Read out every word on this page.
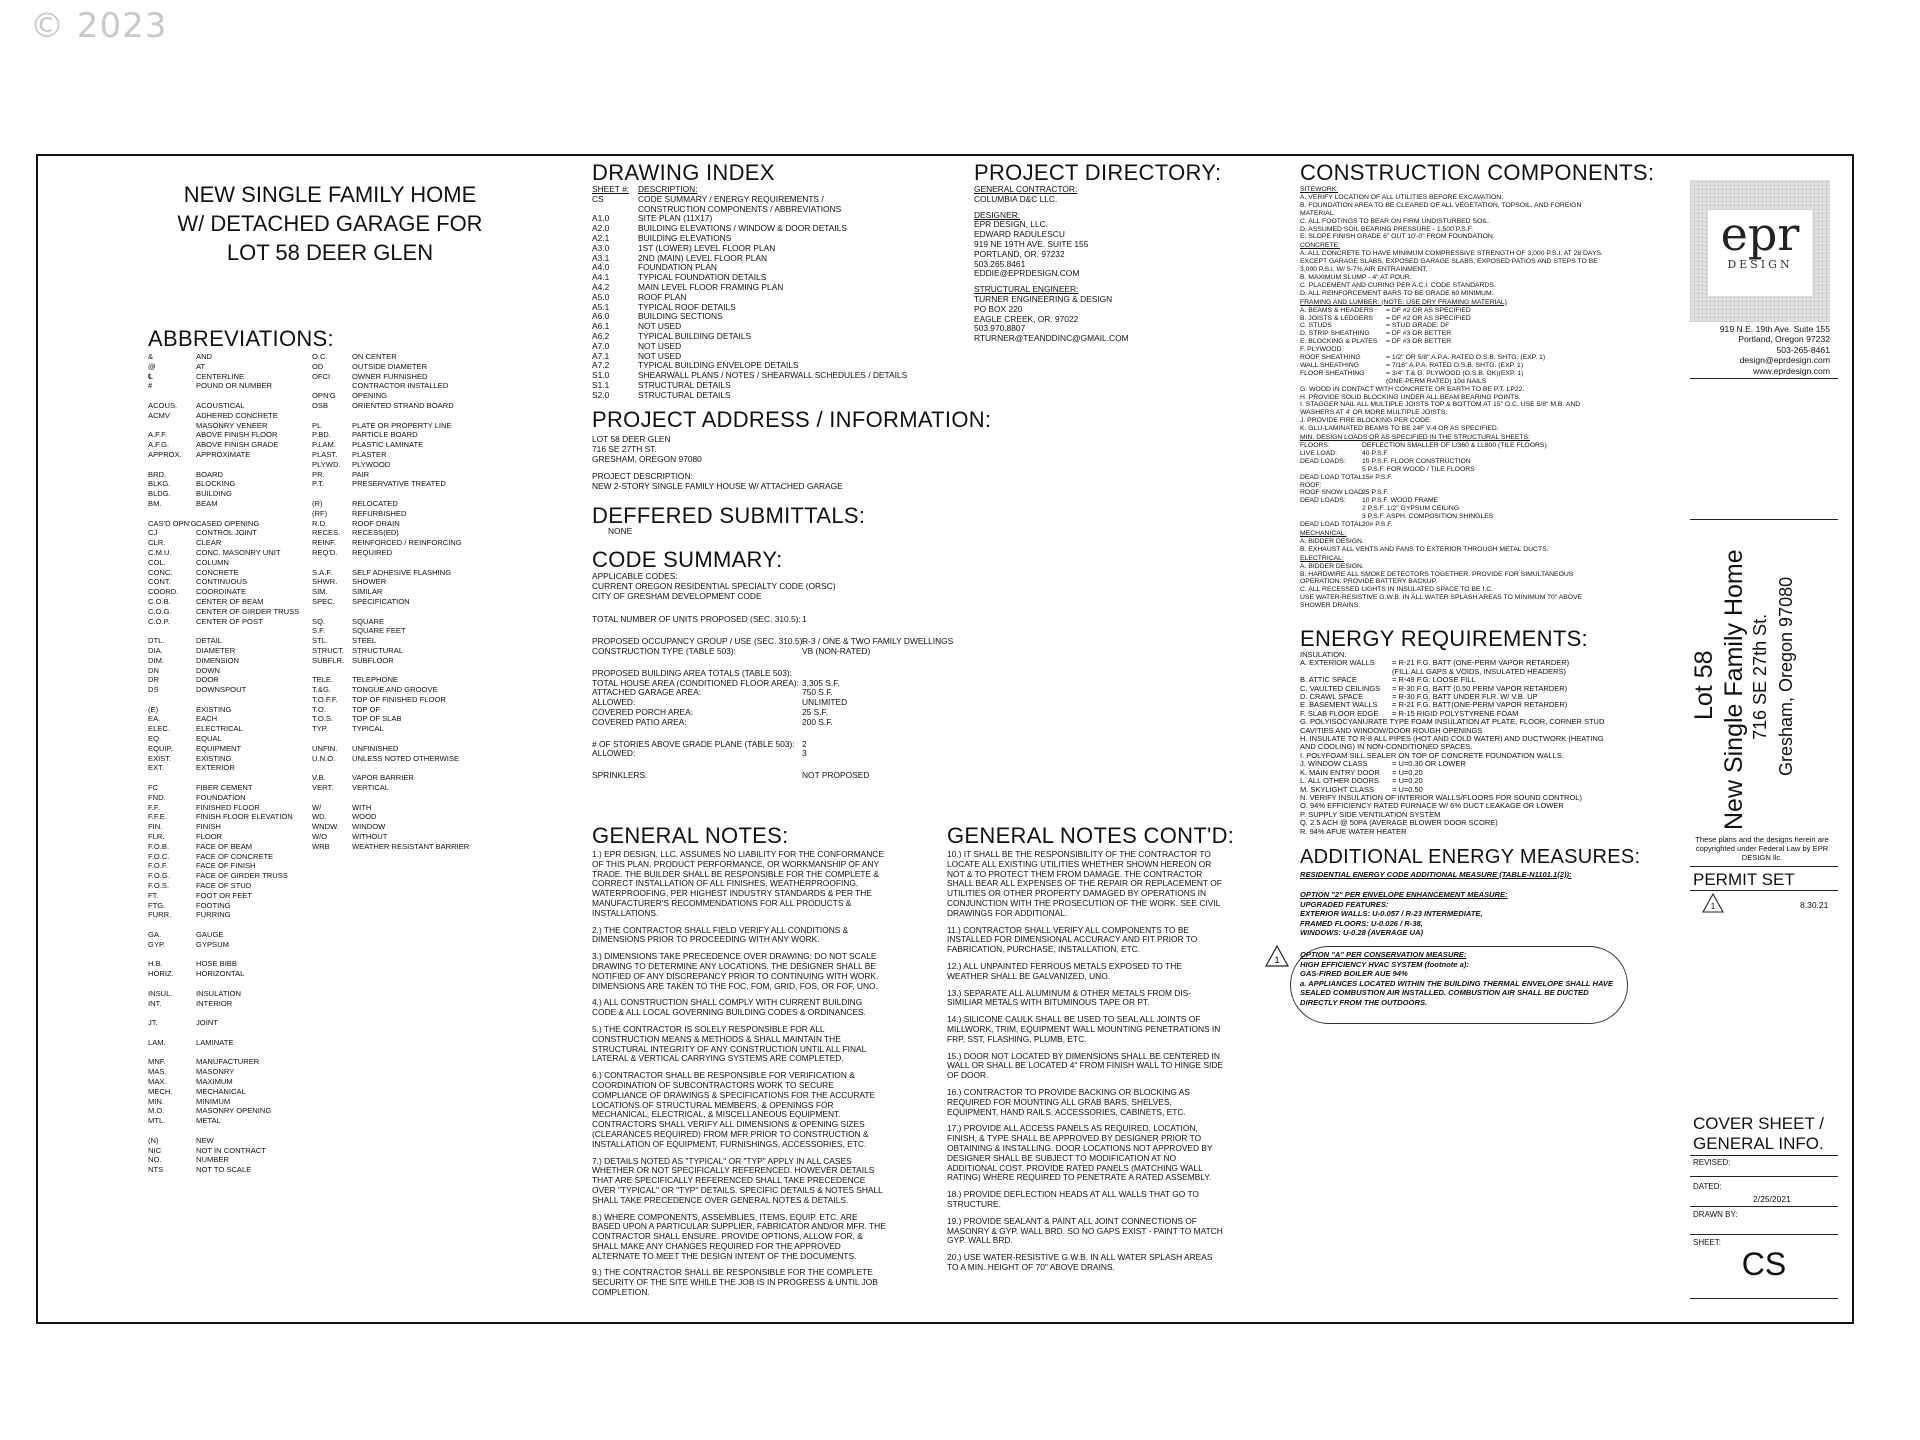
© 2023
NEW SINGLE FAMILY HOME
W/ DETACHED GARAGE FOR
LOT 58 DEER GLEN
ABBREVIATIONS:
&	AND
@	AT
℄	CENTERLINE
#	POUND OR NUMBER

ACOUS.	ACOUSTICAL
ACMV	ADHERED CONCRETE

MASONRY VENEER
A.F.F.	ABOVE FINISH FLOOR
A.F.G.	ABOVE FINISH GRADE
APPROX.	APPROXIMATE

BRD.	BOARD
BLKG.	BLOCKING
BLDG.	BUILDING
BM.	BEAM

CAS'D OPN'G CASED OPENING
CJ	CONTROL JOINT
CLR.	CLEAR
C.M.U.	CONC. MASONRY UNIT
COL.	COLUMN
CONC.	CONCRETE
CONT.	CONTINUOUS
COORD.	COORDINATE
C.O.B.	CENTER OF BEAM
C.O.G.	CENTER OF GIRDER TRUSS
C.O.P.	CENTER OF POST

DTL.	DETAIL
DIA.	DIAMETER
DIM.	DIMENSION
DN	DOWN
DR	DOOR
DS	DOWNSPOUT

(E)	EXISTING
EA.	EACH
ELEC.	ELECTRICAL
EQ.	EQUAL
EQUIP.	EQUIPMENT
EXIST.	EXISTING
EXT.	EXTERIOR

FC	FIBER CEMENT
FND.	FOUNDATION
F.F.	FINISHED FLOOR
F.F.E.	FINISH FLOOR ELEVATION
FIN.	FINISH
FLR.	FLOOR
F.O.B.	FACE OF BEAM
F.O.C.	FACE OF CONCRETE
F.O.F.	FACE OF FINISH
F.O.G.	FACE OF GIRDER TRUSS
F.O.S.	FACE OF STUD
FT.	FOOT OR FEET
FTG.	FOOTING
FURR.	FURRING

GA.	GAUGE
GYP.	GYPSUM

H.B.	HOSE BIBB
HORIZ.	HORIZONTAL

INSUL.	INSULATION
INT.	INTERIOR

JT.	JOINT

LAM.	LAMINATE

MNF.	MANUFACTURER
MAS.	MASONRY
MAX.	MAXIMUM
MECH.	MECHANICAL
MIN.	MINIMUM
M.O.	MASONRY OPENING
MTL.	METAL

(N)	NEW
NIC	NOT IN CONTRACT
NO.	NUMBER
NTS	NOT TO SCALE
O.C.	ON CENTER
OD	OUTSIDE DIAMETER
OFCI	OWNER FURNISHED

CONTRACTOR INSTALLED
OPN'G	OPENING
OSB	ORIENTED STRAND BOARD

PL	PLATE OR PROPERTY LINE
P.BD.	PARTICLE BOARD
P.LAM.	PLASTIC LAMINATE
PLAST.	PLASTER
PLYWD.	PLYWOOD
PR.	PAIR
P.T.	PRESERVATIVE TREATED

(R)	RELOCATED
(RF)	REFURBISHED
R.D.	ROOF DRAIN
RECES.	RECESS(ED)
REINF.	REINFORCED / REINFORCING
REQ'D.	REQUIRED

S.A.F.	SELF ADHESIVE FLASHING
SHWR.	SHOWER
SIM.	SIMILAR
SPEC.	SPECIFICATION

SQ.	SQUARE
S.F.	SQUARE FEET
STL.	STEEL
STRUCT.	STRUCTURAL
SUBFLR.	SUBFLOOR

TELE.	TELEPHONE
T.&G.	TONGUE AND GROOVE
T.O.F.F.	TOP OF FINISHED FLOOR
T.O.	TOP OF
T.O.S.	TOP OF SLAB
TYP.	TYPICAL

UNFIN.	UNFINISHED
U.N.O.	UNLESS NOTED OTHERWISE

V.B.	VAPOR BARRIER
VERT.	VERTICAL

W/	WITH
WD.	WOOD
WNDW.	WINDOW
W/O	WITHOUT
WRB	WEATHER RESISTANT BARRIER
DRAWING INDEX
SHEET #:	DESCRIPTION:
CS	CODE SUMMARY / ENERGY REQUIREMENTS /

CONSTRUCTION COMPONENTS / ABBREVIATIONS
A1.0	SITE PLAN (11X17)
A2.0	BUILDING ELEVATIONS / WINDOW & DOOR DETAILS
A2.1	BUILDING ELEVATIONS
A3.0	1ST (LOWER) LEVEL FLOOR PLAN
A3.1	2ND (MAIN) LEVEL FLOOR PLAN
A4.0	FOUNDATION PLAN
A4.1	TYPICAL FOUNDATION DETAILS
A4.2	MAIN LEVEL FLOOR FRAMING PLAN
A5.0	ROOF PLAN
A5.1	TYPICAL ROOF DETAILS
A6.0	BUILDING SECTIONS
A6.1	NOT USED
A6.2	TYPICAL BUILDING DETAILS
A7.0	NOT USED
A7.1	NOT USED
A7.2	TYPICAL BUILDING ENVELOPE DETAILS
S1.0	SHEARWALL PLANS / NOTES / SHEARWALL SCHEDULES / DETAILS
S1.1	STRUCTURAL DETAILS
S2.0	STRUCTURAL DETAILS
PROJECT ADDRESS / INFORMATION:
LOT 58 DEER GLEN
716 SE 27TH ST.
GRESHAM, OREGON 97080
PROJECT DESCRIPTION:
NEW 2-STORY SINGLE FAMILY HOUSE W/ ATTACHED GARAGE
DEFFERED SUBMITTALS:
NONE
CODE SUMMARY:
APPLICABLE CODES:
CURRENT OREGON RESIDENTIAL SPECIALTY CODE (ORSC)
CITY OF GRESHAM DEVELOPMENT CODE
TOTAL NUMBER OF UNITS PROPOSED (SEC. 310.5): 1
PROPOSED OCCUPANCY GROUP / USE (SEC. 310.5):
R-3 / ONE & TWO FAMILY DWELLINGS
CONSTRUCTION TYPE (TABLE 503):	VB (NON-RATED)
PROPOSED BUILDING AREA TOTALS (TABLE 503):
TOTAL HOUSE AREA (CONDITIONED FLOOR AREA): 3,305 S.F.
ATTACHED GARAGE AREA:	750 S.F.
ALLOWED:	UNLIMITED
COVERED PORCH AREA:	25 S.F.
COVERED PATIO AREA:	200 S.F.
# OF STORIES ABOVE GRADE PLANE (TABLE 503): 2
ALLOWED:	3
SPRINKLERS:	NOT PROPOSED
PROJECT DIRECTORY:
GENERAL CONTRACTOR:
COLUMBIA D&C LLC.

DESIGNER:
EPR DESIGN, LLC.
EDWARD RADULESCU
919 NE 19TH AVE. SUITE 155
PORTLAND, OR. 97232
503.265.8461
EDDIE@EPRDESIGN.COM

STRUCTURAL ENGINEER:
TURNER ENGINEERING & DESIGN
PO BOX 220
EAGLE CREEK, OR. 97022
503.970.8807
RTURNER@TEANDDINC@GMAIL.COM

GENERAL NOTES:

1.) EPR DESIGN, LLC. ASSUMES NO LIABILITY FOR THE CONFORMANCE OF THIS PLAN, PRODUCT PERFORMANCE, OR WORKMANSHIP OF ANY TRADE. THE BUILDER SHALL BE RESPONSIBLE FOR THE COMPLETE & CORRECT INSTALLATION OF ALL FINISHES, WEATHERPROOFING, WATERPROOFING, PER HIGHEST INDUSTRY STANDARDS & PER THE MANUFACTURER'S RECOMMENDATIONS FOR ALL PRODUCTS & INSTALLATIONS.

2.) THE CONTRACTOR SHALL FIELD VERIFY ALL CONDITIONS & DIMENSIONS PRIOR TO PROCEEDING WITH ANY WORK.

3.) DIMENSIONS TAKE PRECEDENCE OVER DRAWING: DO NOT SCALE DRAWING TO DETERMINE ANY LOCATIONS. THE DESIGNER SHALL BE NOTIFIED OF ANY DISCREPANCY PRIOR TO CONTINUING WITH WORK. DIMENSIONS ARE TAKEN TO THE FOC, FOM, GRID, FOS, OR FOF, UNO.

4.) ALL CONSTRUCTION SHALL COMPLY WITH CURRENT BUILDING CODE & ALL LOCAL GOVERNING BUILDING CODES & ORDINANCES.

5.) THE CONTRACTOR IS SOLELY RESPONSIBLE FOR ALL CONSTRUCTION MEANS & METHODS & SHALL MAINTAIN THE STRUCTURAL INTEGRITY OF ANY CONSTRUCTION UNTIL ALL FINAL LATERAL & VERTICAL CARRYING SYSTEMS ARE COMPLETED.

6.) CONTRACTOR SHALL BE RESPONSIBLE FOR VERIFICATION & COORDINATION OF SUBCONTRACTORS WORK TO SECURE COMPLIANCE OF DRAWINGS & SPECIFICATIONS FOR THE ACCURATE LOCATIONS OF STRUCTURAL MEMBERS, & OPENINGS FOR MECHANICAL, ELECTRICAL, & MISCELLANEOUS EQUIPMENT. CONTRACTORS SHALL VERIFY ALL DIMENSIONS & OPENING SIZES (CLEARANCES REQUIRED) FROM MFR PRIOR TO CONSTRUCTION & INSTALLATION OF EQUIPMENT, FURNISHINGS, ACCESSORIES, ETC.

7.) DETAILS NOTED AS "TYPICAL" OR "TYP" APPLY IN ALL CASES WHETHER OR NOT SPECIFICALLY REFERENCED. HOWEVER DETAILS THAT ARE SPECIFICALLY REFERENCED SHALL TAKE PRECEDENCE OVER "TYPICAL" OR "TYP" DETAILS. SPECIFIC DETAILS & NOTES SHALL SHALL TAKE PRECEDENCE OVER GENERAL NOTES & DETAILS.

8.) WHERE COMPONENTS, ASSEMBLIES, ITEMS, EQUIP. ETC. ARE BASED UPON A PARTICULAR SUPPLIER, FABRICATOR AND/OR MFR. THE CONTRACTOR SHALL ENSURE. PROVIDE OPTIONS, ALLOW FOR, & SHALL MAKE ANY CHANGES REQUIRED FOR THE APPROVED ALTERNATE TO MEET THE DESIGN INTENT OF THE DOCUMENTS.

9.) THE CONTRACTOR SHALL BE RESPONSIBLE FOR THE COMPLETE SECURITY OF THE SITE WHILE THE JOB IS IN PROGRESS & UNTIL JOB COMPLETION.

GENERAL NOTES CONT'D:

10.) IT SHALL BE THE RESPONSIBILITY OF THE CONTRACTOR TO LOCATE ALL EXISTING UTILITIES WHETHER SHOWN HEREON OR NOT & TO PROTECT THEM FROM DAMAGE. THE CONTRACTOR SHALL BEAR ALL EXPENSES OF THE REPAIR OR REPLACEMENT OF UTILITIES OR OTHER PROPERTY DAMAGED BY OPERATIONS IN CONJUNCTION WITH THE PROSECUTION OF THE WORK. SEE CIVIL DRAWINGS FOR ADDITIONAL.

11.) CONTRACTOR SHALL VERIFY ALL COMPONENTS TO BE INSTALLED FOR DIMENSIONAL ACCURACY AND FIT PRIOR TO FABRICATION, PURCHASE, INSTALLATION, ETC.

12.) ALL UNPAINTED FERROUS METALS EXPOSED TO THE WEATHER SHALL BE GALVANIZED, UNO.

13.) SEPARATE ALL ALUMINUM & OTHER METALS FROM DIS-SIMILIAR METALS WITH BITUMINOUS TAPE OR PT.

14.) SILICONE CAULK SHALL BE USED TO SEAL ALL JOINTS OF MILLWORK, TRIM, EQUIPMENT WALL MOUNTING PENETRATIONS IN FRP, SST, FLASHING, PLUMB, ETC.

15.) DOOR NOT LOCATED BY DIMENSIONS SHALL BE CENTERED IN WALL OR SHALL BE LOCATED 4" FROM FINISH WALL TO HINGE SIDE OF DOOR.

16.) CONTRACTOR TO PROVIDE BACKING OR BLOCKING AS REQUIRED FOR MOUNTING ALL GRAB BARS, SHELVES, EQUIPMENT, HAND RAILS, ACCESSORIES, CABINETS, ETC.

17.) PROVIDE ALL ACCESS PANELS AS REQUIRED. LOCATION, FINISH, & TYPE SHALL BE APPROVED BY DESIGNER PRIOR TO OBTAINING & INSTALLING. DOOR LOCATIONS NOT APPROVED BY DESIGNER SHALL BE SUBJECT TO MODIFICATION AT NO ADDITIONAL COST. PROVIDE RATED PANELS (MATCHING WALL RATING) WHERE REQUIRED TO PENETRATE A RATED ASSEMBLY.

18.) PROVIDE DEFLECTION HEADS AT ALL WALLS THAT GO TO STRUCTURE.

19.) PROVIDE SEALANT & PAINT ALL JOINT CONNECTIONS OF MASONRY & GYP. WALL BRD. SO NO GAPS EXIST - PAINT TO MATCH GYP. WALL BRD.

20.) USE WATER-RESISTIVE G.W.B. IN ALL WATER SPLASH AREAS TO A MIN. HEIGHT OF 70" ABOVE DRAINS.

CONSTRUCTION COMPONENTS:
SITEWORK:
A. VERIFY LOCATION OF ALL UTILITIES BEFORE EXCAVATION.
B. FOUNDATION AREA TO BE CLEARED OF ALL VEGETATION, TOPSOIL, AND FOREIGN MATERIAL.
C. ALL FOOTINGS TO BEAR ON FIRM UNDISTURBED SOIL.
D. ASSUMED SOIL BEARING PRESSURE - 1,500 P.S.F.
E. SLOPE FINISH GRADE 6" OUT 10'-0" FROM FOUNDATION.
CONCRETE:
A. ALL CONCRETE TO HAVE MINIMUM COMPRESSIVE STRENGTH OF 3,000 P.S.I. AT 28 DAYS. EXCEPT GARAGE SLABS, EXPOSED GARAGE SLABS, EXPOSED PATIOS AND STEPS TO BE 3,000 P.S.I. W/ 5-7% AIR ENTRAINMENT.
B. MAXIMUM SLUMP - 4" AT POUR.
C. PLACEMENT AND CURING PER A.C.I. CODE STANDARDS.
D. ALL REINFORCEMENT BARS TO BE GRADE 60 MINIMUM.
FRAMING AND LUMBER: (NOTE: USE DRY FRAMING MATERIAL)
A. BEAMS & HEADERS	= DF #2 OR AS SPECIFIED
B. JOISTS & LEDGERS	= DF #2 OR AS SPECIFIED
C. STUDS	= STUD GRADE: DF
D. STRIP SHEATHING	= DF #3 OR BETTER
E. BLOCKING & PLATES	= DF #3 OR BETTER
F. PLYWOOD
ROOF SHEATHING	= 1/2" OR 5/8" A.P.A. RATED O.S.B. SHTG. (EXP. 1)
WALL SHEATHING	= 7/16" A.P.A. RATED O.S.B. SHTG. (EXP. 1)
FLOOR SHEATHING	= 3/4" T.& G. PLYWOOD (O.S.B. OK)(EXP. 1)

(ONE-PERM RATED) 10d NAILS
G. WOOD IN CONTACT WITH CONCRETE OR EARTH TO BE P.T. LP22.
H. PROVIDE SOLID BLOCKING UNDER ALL BEAM BEARING POINTS.
I. STAGGER NAIL ALL MULTIPLE JOISTS TOP & BOTTOM AT 15" O.C. USE 5/8" M.B. AND WASHERS AT 4' OR MORE MULTIPLE JOISTS.
J. PROVIDE FIRE BLOCKING PER CODE.
K. GLU-LAMINATED BEAMS TO BE 24F V-4 OR AS SPECIFIED.
MIN. DESIGN LOADS OR AS SPECIFIED IN THE STRUCTURAL SHEETS:
FLOORS:	DEFLECTION SMALLER OF L/360 & LL800 (TILE FLOORS)
LIVE LOAD:	40 P.S.F.
DEAD LOADS:	10 P.S.F. FLOOR CONSTRUCTION

5 P.S.F. FOR WOOD / TILE FLOORS
DEAD LOAD TOTAL:
15# P.S.F.
ROOF:
ROOF SNOW LOAD:
25 P.S.F.
DEAD LOADS:	10 P.S.F. WOOD FRAME

2 P.S.F. 1/2" GYPSUM CEILING

3 P.S.F. ASPH. COMPOSITION SHINGLES
DEAD LOAD TOTAL:
20# P.S.F.
MECHANICAL:
A. BIDDER DESIGN.
B. EXHAUST ALL VENTS AND FANS TO EXTERIOR THROUGH METAL DUCTS.
ELECTRICAL:
A. BIDDER DESIGN.
B. HARDWIRE ALL SMOKE DETECTORS TOGETHER. PROVIDE FOR SIMULTANEOUS OPERATION. PROVIDE BATTERY BACKUP.
C. ALL RECESSED LIGHTS IN INSULATED SPACE TO BE I.C.
USE WATER-RESISTIVE G.W.B. IN ALL WATER SPLASH AREAS TO MINIMUM 70" ABOVE SHOWER DRAINS.
ENERGY REQUIREMENTS:
INSULATION:
A. EXTERIOR WALLS	= R-21 F.G. BATT (ONE-PERM VAPOR RETARDER)

(FILL ALL GAPS & VOIDS, INSULATED HEADERS)
B. ATTIC SPACE	= R-49 F.G. LOOSE FILL
C. VAULTED CEILINGS	= R-30 F.G. BATT (0.50 PERM VAPOR RETARDER)
D. CRAWL SPACE	= R-30 F.G. BATT UNDER FLR. W/ V.B. UP
E. BASEMENT WALLS	= R-21 F.G. BATT(ONE-PERM VAPOR RETARDER)
F. SLAB FLOOR EDGE	= R-15 RIGID POLYSTYRENE FOAM
G. POLYISOCYANURATE TYPE FOAM INSULATION AT PLATE, FLOOR, CORNER STUD CAVITIES AND WINDOW/DOOR ROUGH OPENINGS
H. INSULATE TO R-8 ALL PIPES (HOT AND COLD WATER) AND DUCTWORK (HEATING AND COOLING) IN NON-CONDITIONED SPACES.
I. POLYFOAM SILL SEALER ON TOP OF CONCRETE FOUNDATION WALLS.
J. WINDOW CLASS	= U=0.30 OR LOWER
K. MAIN ENTRY DOOR	= U=0.20
L. ALL OTHER DOORS	= U=0.20
M. SKYLIGHT CLASS	= U=0.50
N. VERIFY INSULATION OF INTERIOR WALLS/FLOORS FOR SOUND CONTROL)
O. 94% EFFICIENCY RATED FURNACE W/ 6% DUCT LEAKAGE OR LOWER
P. SUPPLY SIDE VENTILATION SYSTEM
Q. 2.5 ACH @ 50PA (AVERAGE BLOWER DOOR SCORE)
R. 94% AFUE WATER HEATER
ADDITIONAL ENERGY MEASURES:
RESIDENTIAL ENERGY CODE ADDITIONAL MEASURE (TABLE-N1101.1(2)):
OPTION "2" PER ENVELOPE ENHANCEMENT MEASURE:
UPGRADED FEATURES:
EXTERIOR WALLS: U-0.057 / R-23 INTERMEDIATE,
FRAMED FLOORS: U-0.026 / R-38,
WINDOWS: U-0.28 (AVERAGE UA)
1
OPTION "A" PER CONSERVATION MEASURE:
HIGH EFFICIENCY HVAC SYSTEM (footnote a):
GAS-FIRED BOILER AUE 94%
a. APPLIANCES LOCATED WITHIN THE BUILDING THERMAL ENVELOPE SHALL HAVE SEALED COMBUSTION AIR INSTALLED. COMBUSTION AIR SHALL BE DUCTED DIRECTLY FROM THE OUTDOORS.
epr
DESIGN
919 N.E. 19th Ave. Suite 155
Portland, Oregon 97232
503-265-8461
design@eprdesign.com
www.eprdesign.com
Lot 58 New Single Family Home 716 SE 27th St. Gresham, Oregon 97080
These plans and the designs herein are copyrighted under Federal Law by EPR DESIGN llc.
PERMIT SET
1	8.30.21
COVER SHEET /
GENERAL INFO.
REVISED:
DATED:
2/25/2021
DRAWN BY:
SHEET:
CS
